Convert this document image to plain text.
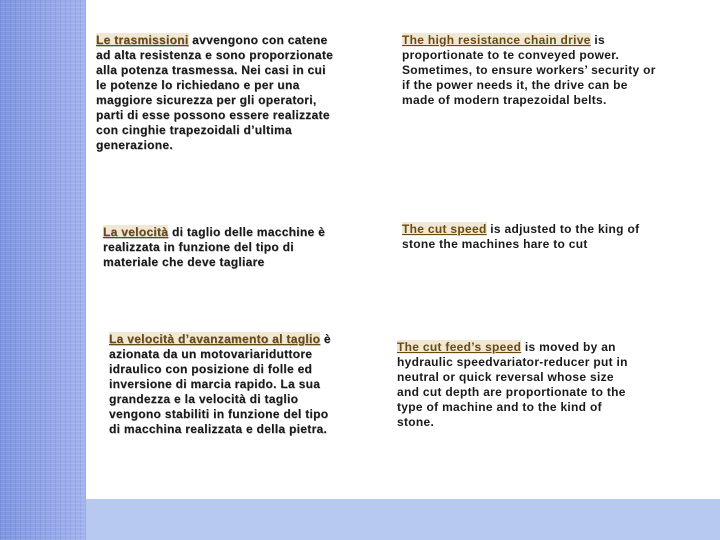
Le trasmissioni avvengono con catene ad alta resistenza e sono proporzionate alla potenza trasmessa. Nei casi in cui le potenze lo richiedano e per una maggiore sicurezza per gli operatori, parti di esse possono essere realizzate con cinghie trapezoidali d’ultima generazione.

La velocità di taglio delle macchine è realizzata in funzione del tipo di materiale che deve tagliare

La velocità d’avanzamento al taglio è azionata da un motovariariduttore idraulico con posizione di folle ed inversione di marcia rapido. La sua grandezza e la velocità di taglio vengono stabiliti in funzione del tipo di macchina realizzata e della pietra.

The high resistance chain drive is proportionate to te conveyed power. Sometimes, to ensure workers’ security or if the power needs it, the drive can be made of modern trapezoidal belts.

The cut speed is adjusted to the king of stone the machines hare to cut

The cut feed’s speed is moved by an hydraulic speedvariator-reducer put in neutral or quick reversal whose size and cut depth are proportionate to the type of machine and to the kind of stone.
